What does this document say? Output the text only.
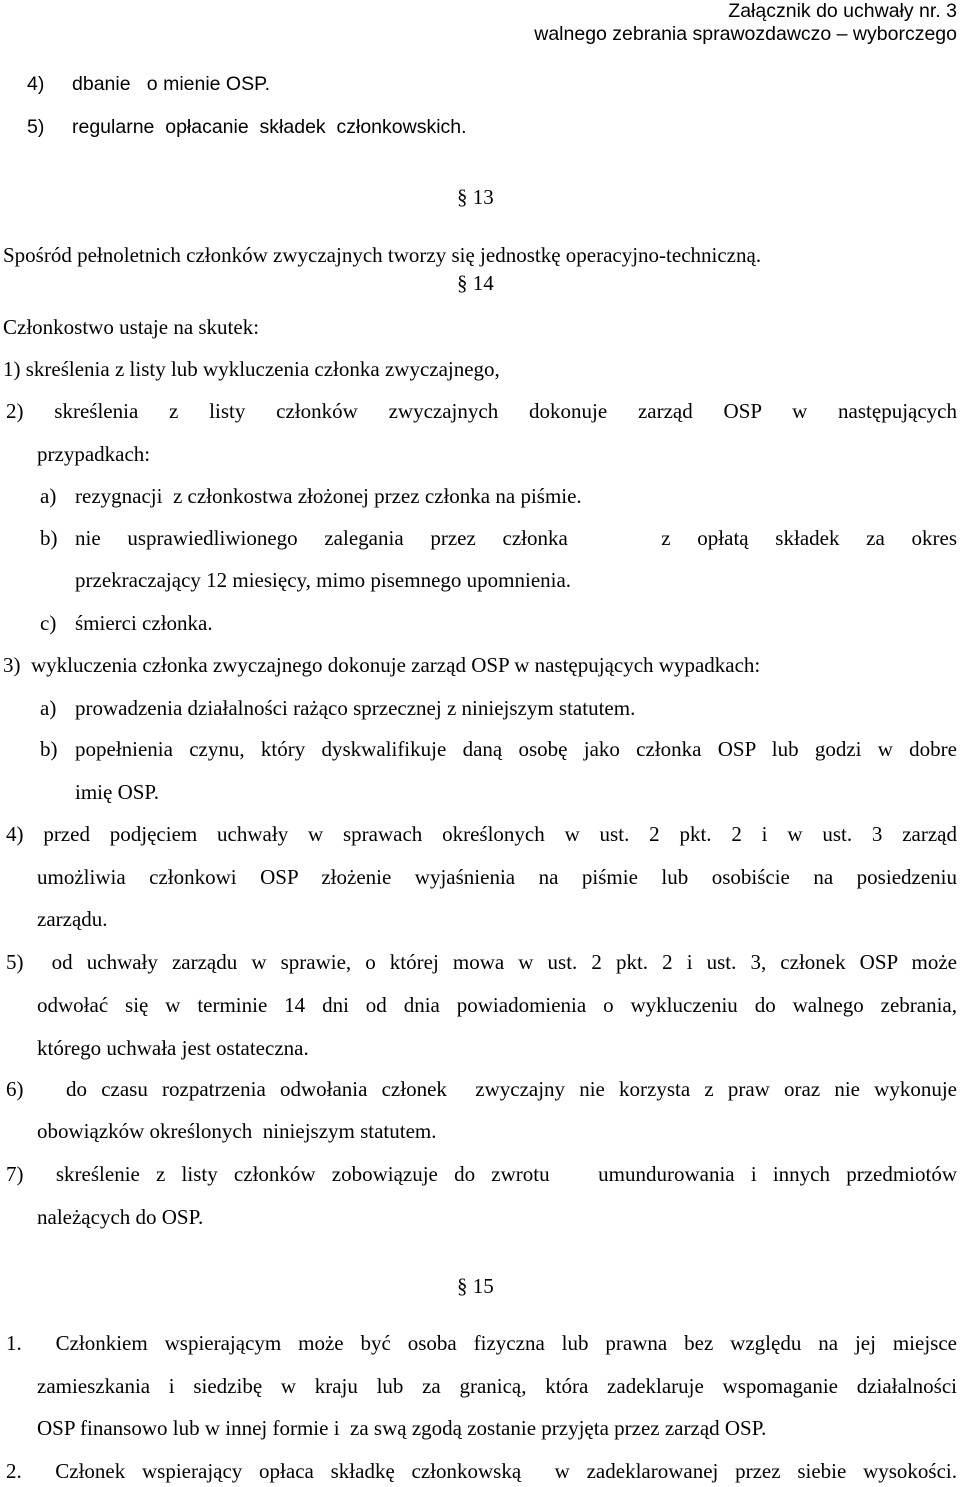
Załącznik do uchwały nr. 3
walnego zebrania sprawozdawczo – wyborczego
4) dbanie   o mienie OSP.
5) regularne  opłacanie  składek  członkowskich.
§ 13
Spośród pełnoletnich członków zwyczajnych tworzy się jednostkę operacyjno-techniczną.
§ 14
Członkostwo ustaje na skutek:
1) skreślenia z listy lub wykluczenia członka zwyczajnego,
2)  skreślenia  z  listy  członków  zwyczajnych  dokonuje  zarząd  OSP  w  następujących
przypadkach:
a) rezygnacji  z członkostwa złożonej przez członka na piśmie.
b) nie  usprawiedliwionego  zalegania  przez  członka       z  opłatą  składek  za  okres
przekraczający 12 miesięcy, mimo pisemnego upomnienia.
c) śmierci członka.
3)  wykluczenia członka zwyczajnego dokonuje zarząd OSP w następujących wypadkach:
a) prowadzenia działalności rażąco sprzecznej z niniejszym statutem.
b) popełnienia czynu, który dyskwalifikuje daną osobę jako członka OSP lub godzi w dobre
imię OSP.
4)  przed  podjęciem  uchwały  w  sprawach  określonych  w  ust.  2  pkt.  2  i  w  ust.  3  zarząd
umożliwia  członkowi  OSP  złożenie  wyjaśnienia  na  piśmie  lub  osobiście  na  posiedzeniu
zarządu.
5)  od uchwały zarządu w sprawie, o której mowa w ust. 2 pkt. 2 i ust. 3, członek OSP może
odwołać się w terminie 14 dni od dnia powiadomienia o wykluczeniu do walnego zebrania,
którego uchwała jest ostateczna.
6)   do czasu rozpatrzenia odwołania członek  zwyczajny nie korzysta z praw oraz nie wykonuje
obowiązków określonych  niniejszym statutem.
7)  skreślenie z listy członków zobowiązuje do zwrotu   umundurowania i innych przedmiotów
należących do OSP.
§ 15
1.  Członkiem wspierającym może być osoba fizyczna lub prawna bez względu na jej miejsce
zamieszkania i siedzibę w kraju lub za granicą, która zadeklaruje wspomaganie działalności
OSP finansowo lub w innej formie i  za swą zgodą zostanie przyjęta przez zarząd OSP.
2.  Członek wspierający opłaca składkę członkowską  w zadeklarowanej przez siebie wysokości.
